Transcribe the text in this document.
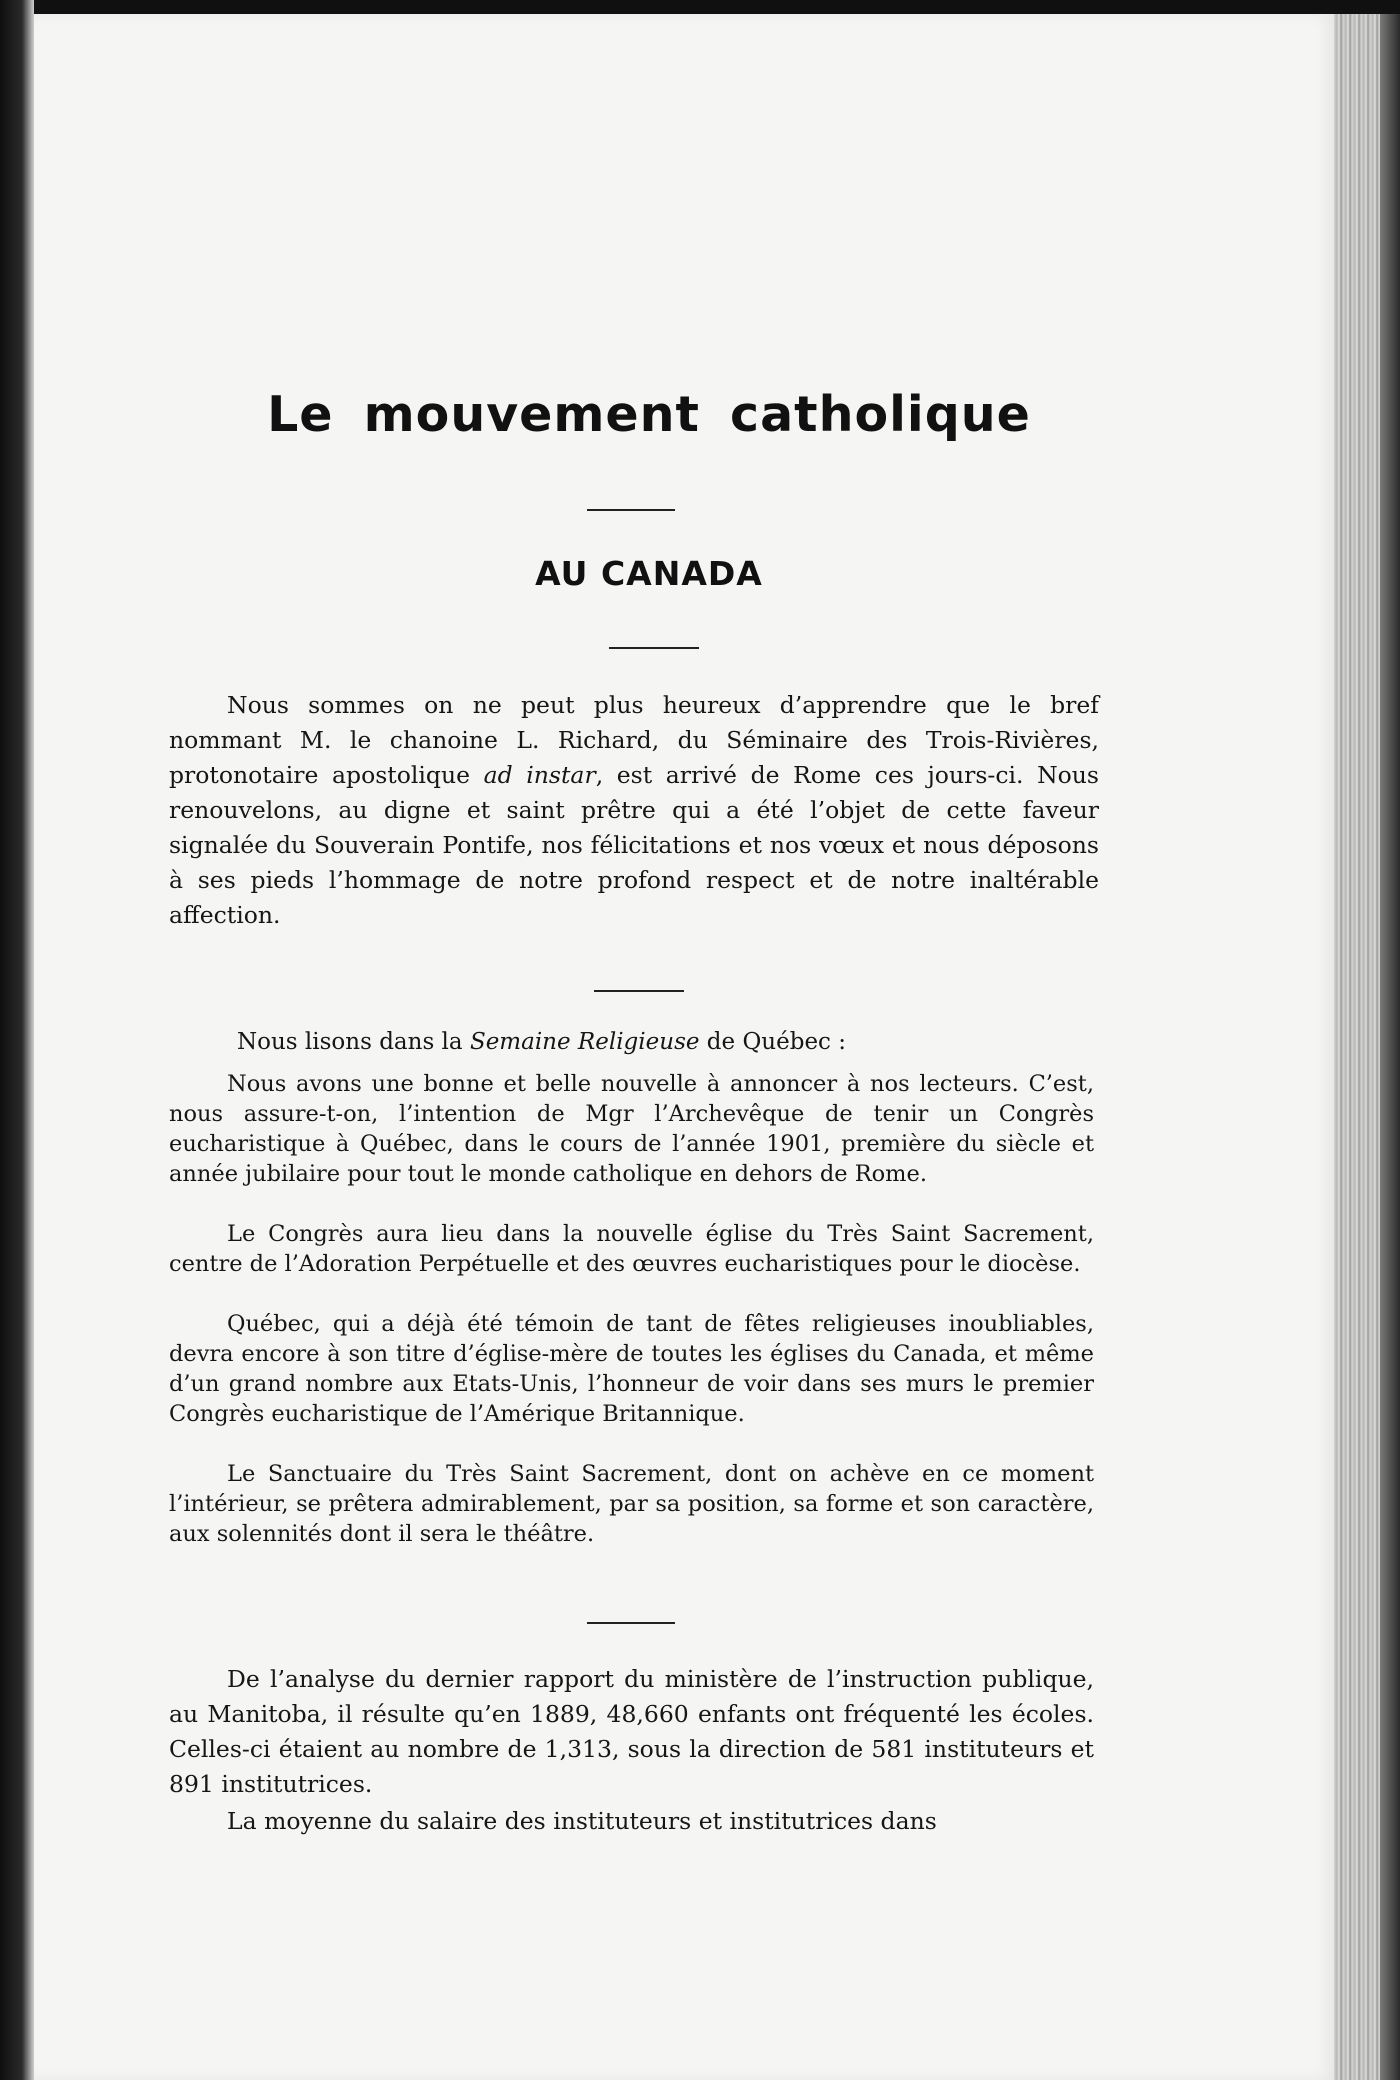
Le mouvement catholique
AU CANADA

Nous sommes on ne peut plus heureux d’apprendre que le bref nommant M. le chanoine L. Richard, du Séminaire des Trois-Rivières, protonotaire apostolique ad instar, est arrivé de Rome ces jours-ci. Nous renouvelons, au digne et saint prêtre qui a été l’objet de cette faveur signalée du Souverain Pontife, nos félicitations et nos vœux et nous déposons à ses pieds l’hommage de notre profond respect et de notre inaltérable affection.

Nous lisons dans la Semaine Religieuse de Québec :

Nous avons une bonne et belle nouvelle à annoncer à nos lecteurs. C’est, nous assure-t-on, l’intention de Mgr l’Archevêque de tenir un Congrès eucharistique à Québec, dans le cours de l’année 1901, première du siècle et année jubilaire pour tout le monde catholique en dehors de Rome.

Le Congrès aura lieu dans la nouvelle église du Très Saint Sacrement, centre de l’Adoration Perpétuelle et des œuvres eucharistiques pour le diocèse.

Québec, qui a déjà été témoin de tant de fêtes religieuses inoubliables, devra encore à son titre d’église-mère de toutes les églises du Canada, et même d’un grand nombre aux Etats-Unis, l’honneur de voir dans ses murs le premier Congrès eucharistique de l’Amérique Britannique.

Le Sanctuaire du Très Saint Sacrement, dont on achève en ce moment l’intérieur, se prêtera admirablement, par sa position, sa forme et son caractère, aux solennités dont il sera le théâtre.

De l’analyse du dernier rapport du ministère de l’instruction publique, au Manitoba, il résulte qu’en 1889, 48,660 enfants ont fréquenté les écoles. Celles-ci étaient au nombre de 1,313, sous la direction de 581 instituteurs et 891 institutrices.

La moyenne du salaire des instituteurs et institutrices dans
